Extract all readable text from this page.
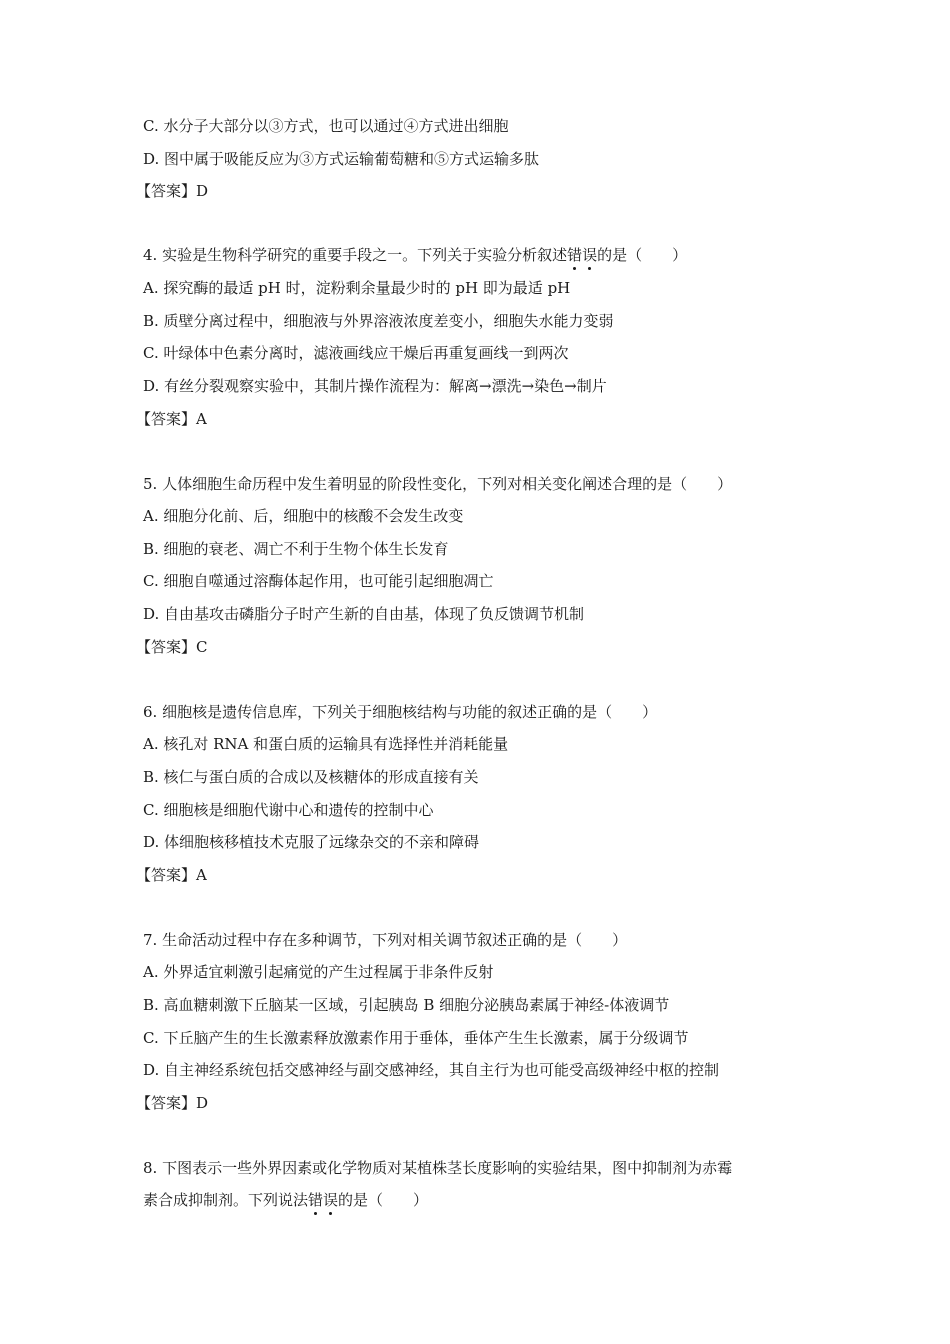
C. 水分子大部分以③方式，也可以通过④方式进出细胞
D. 图中属于吸能反应为③方式运输葡萄糖和⑤方式运输多肽
【答案】D
4. 实验是生物科学研究的重要手段之一。下列关于实验分析叙述错误的是（　　）
A. 探究酶的最适 pH 时，淀粉剩余量最少时的 pH 即为最适 pH
B. 质壁分离过程中，细胞液与外界溶液浓度差变小，细胞失水能力变弱
C. 叶绿体中色素分离时，滤液画线应干燥后再重复画线一到两次
D. 有丝分裂观察实验中，其制片操作流程为：解离→漂洗→染色→制片
【答案】A
5. 人体细胞生命历程中发生着明显的阶段性变化，下列对相关变化阐述合理的是（　　）
A. 细胞分化前、后，细胞中的核酸不会发生改变
B. 细胞的衰老、凋亡不利于生物个体生长发育
C. 细胞自噬通过溶酶体起作用，也可能引起细胞凋亡
D. 自由基攻击磷脂分子时产生新的自由基，体现了负反馈调节机制
【答案】C
6. 细胞核是遗传信息库，下列关于细胞核结构与功能的叙述正确的是（　　）
A. 核孔对 RNA 和蛋白质的运输具有选择性并消耗能量
B. 核仁与蛋白质的合成以及核糖体的形成直接有关
C. 细胞核是细胞代谢中心和遗传的控制中心
D. 体细胞核移植技术克服了远缘杂交的不亲和障碍
【答案】A
7. 生命活动过程中存在多种调节，下列对相关调节叙述正确的是（　　）
A. 外界适宜刺激引起痛觉的产生过程属于非条件反射
B. 高血糖刺激下丘脑某一区域，引起胰岛 B 细胞分泌胰岛素属于神经-体液调节
C. 下丘脑产生的生长激素释放激素作用于垂体，垂体产生生长激素，属于分级调节
D. 自主神经系统包括交感神经与副交感神经，其自主行为也可能受高级神经中枢的控制
【答案】D
8. 下图表示一些外界因素或化学物质对某植株茎长度影响的实验结果，图中抑制剂为赤霉
素合成抑制剂。下列说法错误的是（　　）
